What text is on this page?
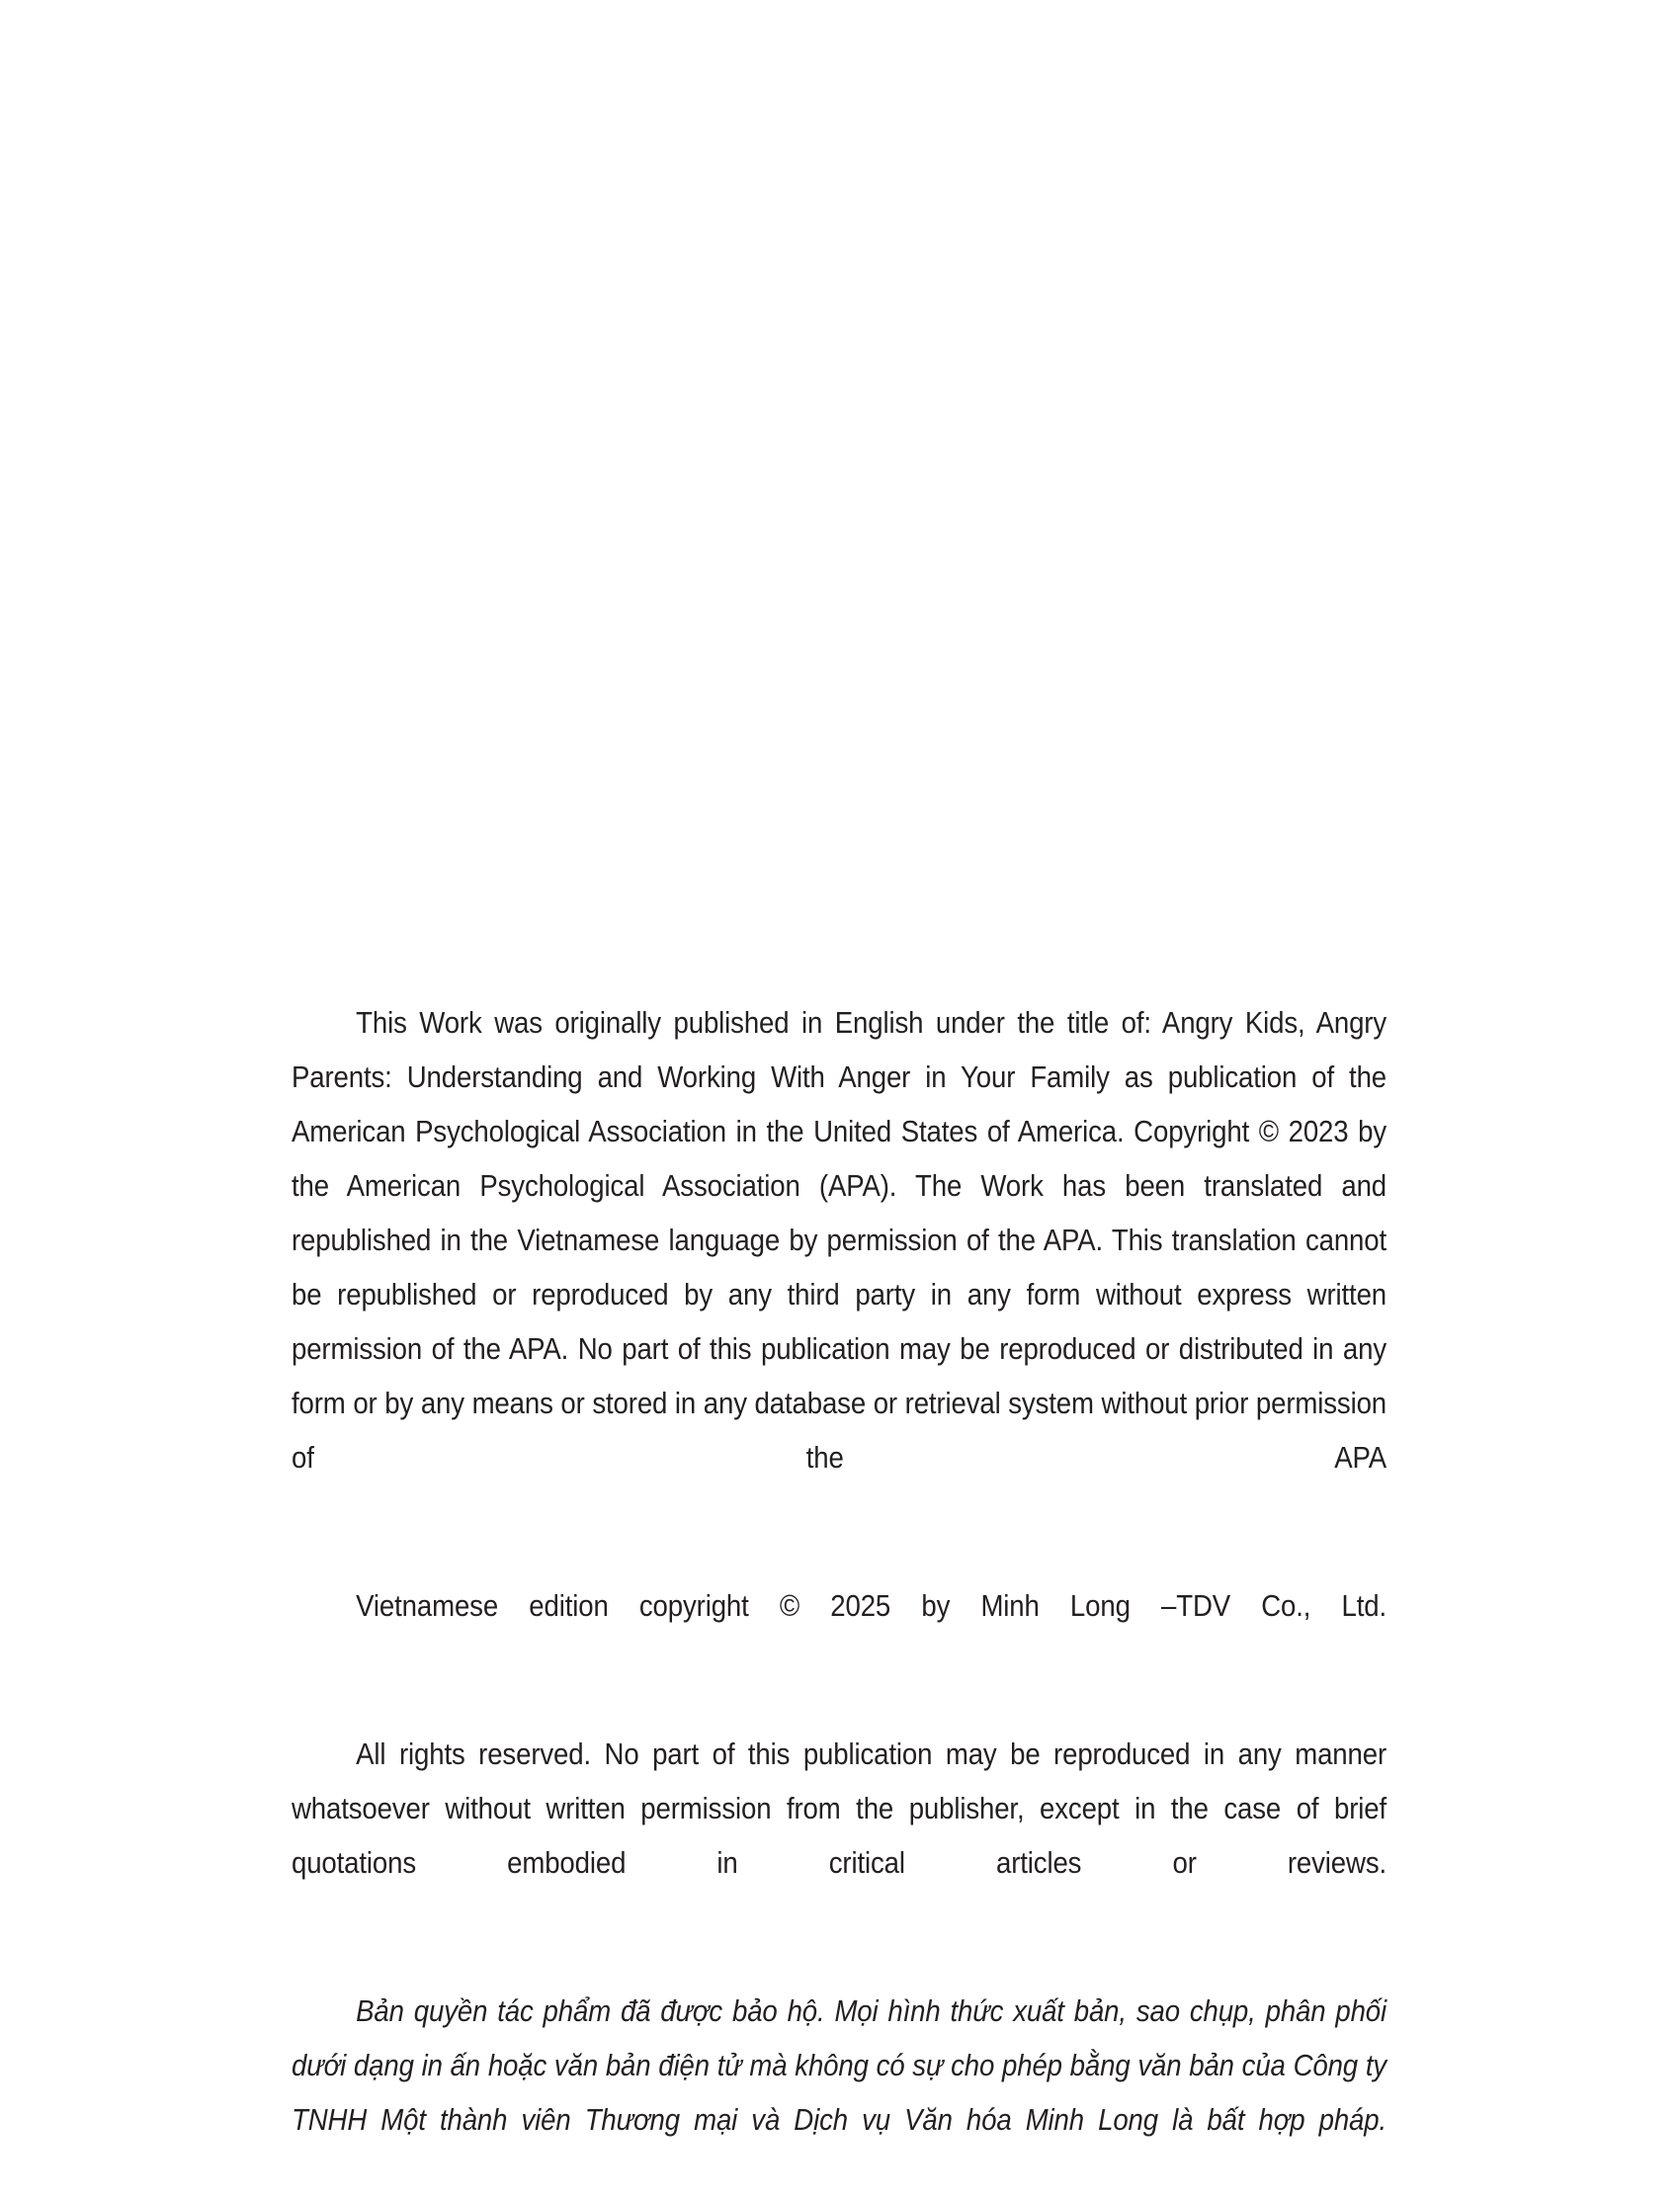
This Work was originally published in English under the title of: Angry Kids, Angry Parents: Understanding and Working With Anger in Your Family as publication of the American Psychological Association in the United States of America. Copyright © 2023 by the American Psychological Association (APA). The Work has been translated and republished in the Vietnamese language by permission of the APA. This translation cannot be republished or reproduced by any third party in any form without express written permission of the APA. No part of this publication may be reproduced or distributed in any form or by any means or stored in any database or retrieval system without prior permission of the APA

Vietnamese edition copyright © 2025 by Minh Long –TDV Co., Ltd.

All rights reserved. No part of this publication may be reproduced in any manner whatsoever without written permission from the publisher, except in the case of brief quotations embodied in critical articles or reviews.

Bản quyền tác phẩm đã được bảo hộ. Mọi hình thức xuất bản, sao chụp, phân phối dưới dạng in ấn hoặc văn bản điện tử mà không có sự cho phép bằng văn bản của Công ty TNHH Một thành viên Thương mại và Dịch vụ Văn hóa Minh Long là bất hợp pháp.
